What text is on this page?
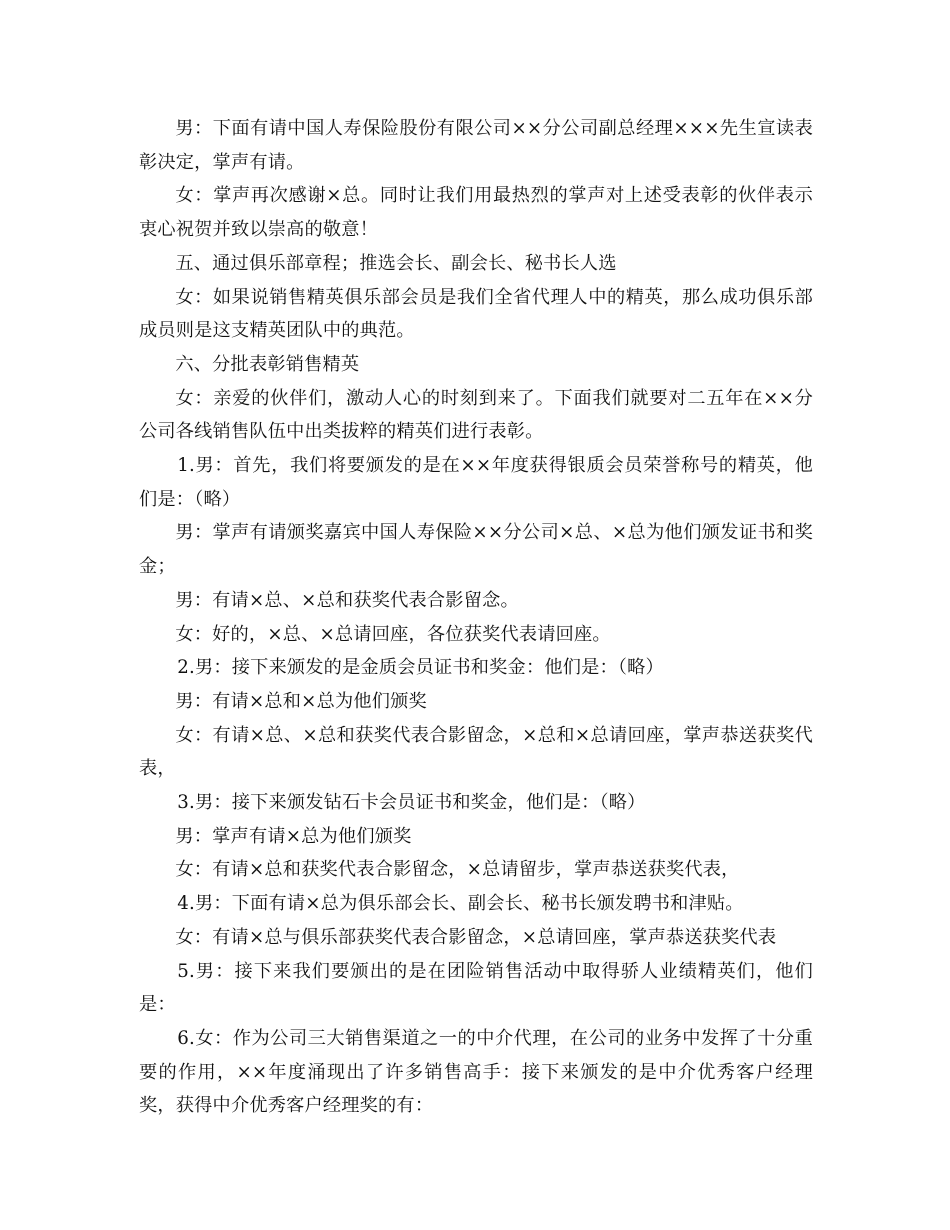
男：下面有请中国人寿保险股份有限公司××分公司副总经理×××先生宣读表彰决定，掌声有请。

女：掌声再次感谢×总。同时让我们用最热烈的掌声对上述受表彰的伙伴表示衷心祝贺并致以崇高的敬意！

五、通过俱乐部章程；推选会长、副会长、秘书长人选

女：如果说销售精英俱乐部会员是我们全省代理人中的精英，那么成功俱乐部成员则是这支精英团队中的典范。

六、分批表彰销售精英

女：亲爱的伙伴们，激动人心的时刻到来了。下面我们就要对二五年在××分公司各线销售队伍中出类拔粹的精英们进行表彰。

1.男：首先，我们将要颁发的是在××年度获得银质会员荣誉称号的精英，他们是：（略）

男：掌声有请颁奖嘉宾中国人寿保险××分公司×总、×总为他们颁发证书和奖金；

男：有请×总、×总和获奖代表合影留念。

女：好的，×总、×总请回座，各位获奖代表请回座。

2.男：接下来颁发的是金质会员证书和奖金：他们是：（略）

男：有请×总和×总为他们颁奖

女：有请×总、×总和获奖代表合影留念，×总和×总请回座，掌声恭送获奖代表，

3.男：接下来颁发钻石卡会员证书和奖金，他们是：（略）

男：掌声有请×总为他们颁奖

女：有请×总和获奖代表合影留念，×总请留步，掌声恭送获奖代表，

4.男：下面有请×总为俱乐部会长、副会长、秘书长颁发聘书和津贴。

女：有请×总与俱乐部获奖代表合影留念，×总请回座，掌声恭送获奖代表

5.男：接下来我们要颁出的是在团险销售活动中取得骄人业绩精英们，他们是：

6.女：作为公司三大销售渠道之一的中介代理，在公司的业务中发挥了十分重要的作用，××年度涌现出了许多销售高手：接下来颁发的是中介优秀客户经理奖，获得中介优秀客户经理奖的有：
